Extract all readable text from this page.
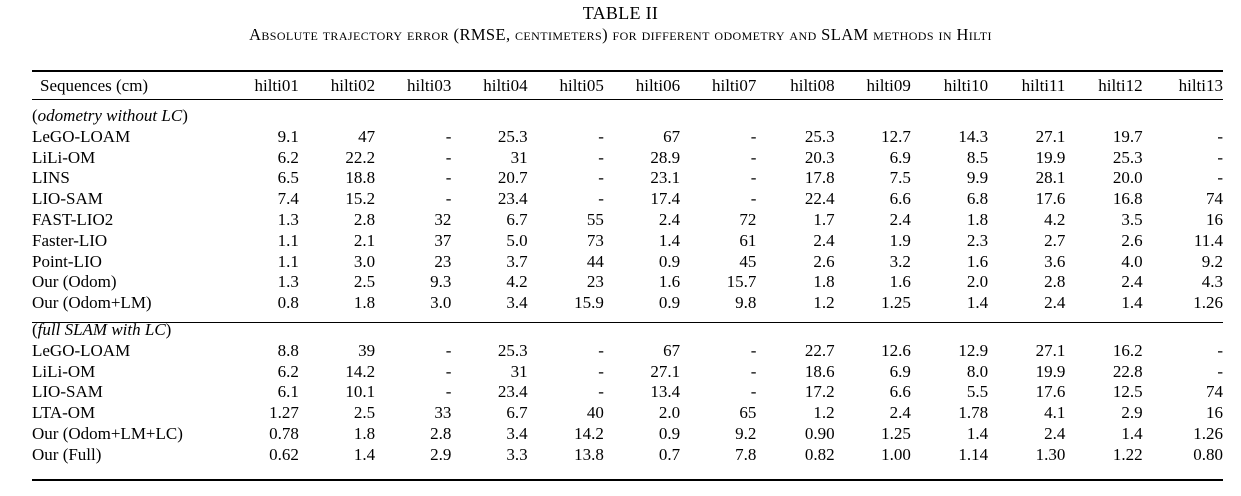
TABLE II
Absolute trajectory error (RMSE, centimeters) for different odometry and SLAM methods in Hilti
Sequences (cm)	hilti01	hilti02	hilti03	hilti04	hilti05	hilti06	hilti07	hilti08	hilti09	hilti10	hilti11	hilti12	hilti13
(odometry without LC)													
LeGO-LOAM	9.1	47	-	25.3	-	67	-	25.3	12.7	14.3	27.1	19.7	-
LiLi-OM	6.2	22.2	-	31	-	28.9	-	20.3	6.9	8.5	19.9	25.3	-
LINS	6.5	18.8	-	20.7	-	23.1	-	17.8	7.5	9.9	28.1	20.0	-
LIO-SAM	7.4	15.2	-	23.4	-	17.4	-	22.4	6.6	6.8	17.6	16.8	74
FAST-LIO2	1.3	2.8	32	6.7	55	2.4	72	1.7	2.4	1.8	4.2	3.5	16
Faster-LIO	1.1	2.1	37	5.0	73	1.4	61	2.4	1.9	2.3	2.7	2.6	11.4
Point-LIO	1.1	3.0	23	3.7	44	0.9	45	2.6	3.2	1.6	3.6	4.0	9.2
Our (Odom)	1.3	2.5	9.3	4.2	23	1.6	15.7	1.8	1.6	2.0	2.8	2.4	4.3
Our (Odom+LM)	0.8	1.8	3.0	3.4	15.9	0.9	9.8	1.2	1.25	1.4	2.4	1.4	1.26
(full SLAM with LC)													
LeGO-LOAM	8.8	39	-	25.3	-	67	-	22.7	12.6	12.9	27.1	16.2	-
LiLi-OM	6.2	14.2	-	31	-	27.1	-	18.6	6.9	8.0	19.9	22.8	-
LIO-SAM	6.1	10.1	-	23.4	-	13.4	-	17.2	6.6	5.5	17.6	12.5	74
LTA-OM	1.27	2.5	33	6.7	40	2.0	65	1.2	2.4	1.78	4.1	2.9	16
Our (Odom+LM+LC)	0.78	1.8	2.8	3.4	14.2	0.9	9.2	0.90	1.25	1.4	2.4	1.4	1.26
Our (Full)	0.62	1.4	2.9	3.3	13.8	0.7	7.8	0.82	1.00	1.14	1.30	1.22	0.80
